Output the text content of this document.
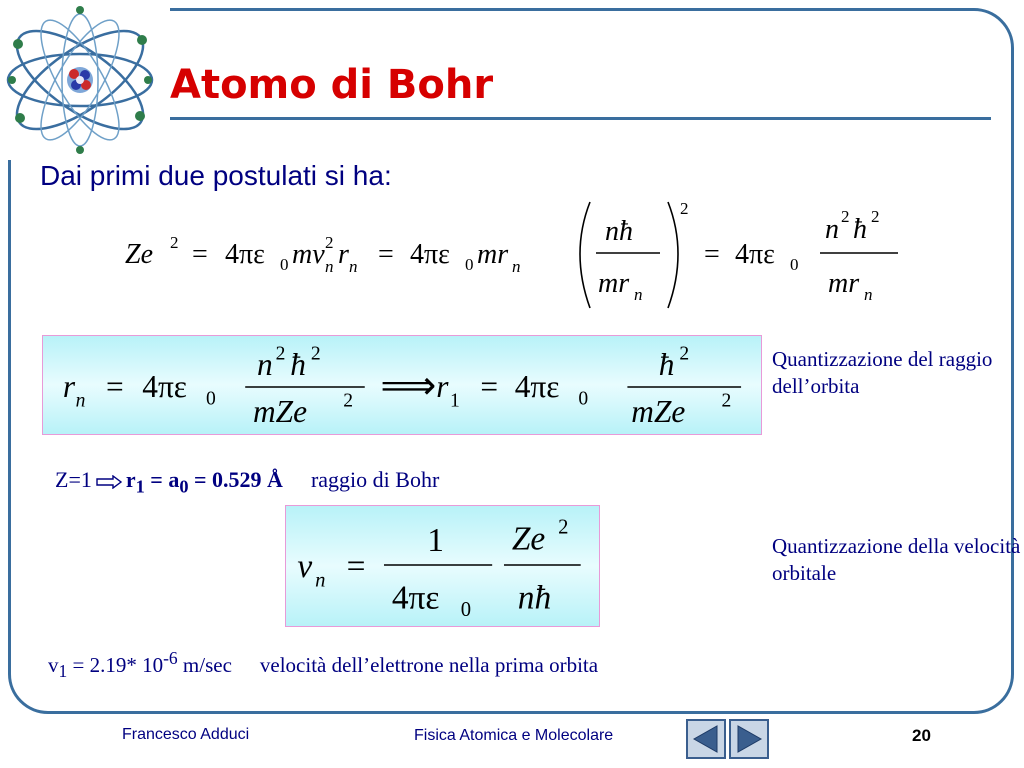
Atomo di Bohr
Dai primi due postulati si ha:
Ze 2 = 4πε 0 mv 2
n r n = 4πε 0 mr n
nħ
mr n
2
= 4πε 0
n 2 ħ 2
mr n
r n = 4πε 0
n 2 ħ 2
mZe 2 ⟹ r 1 = 4πε 0
ħ 2
mZe 2
Quantizzazione del raggio dell’orbita
Z=1 $r_1 = a_0 = 0.529$ Å raggio di Bohr
v n =
1
4πε 0
Ze 2
nħ
Quantizzazione della velocità orbitale
$v_1 = 2.19*$ $10^{-6}$ m/sec velocità dell’elettrone nella prima orbita
Francesco Adduci	Fisica Atomica e Molecolare	20
